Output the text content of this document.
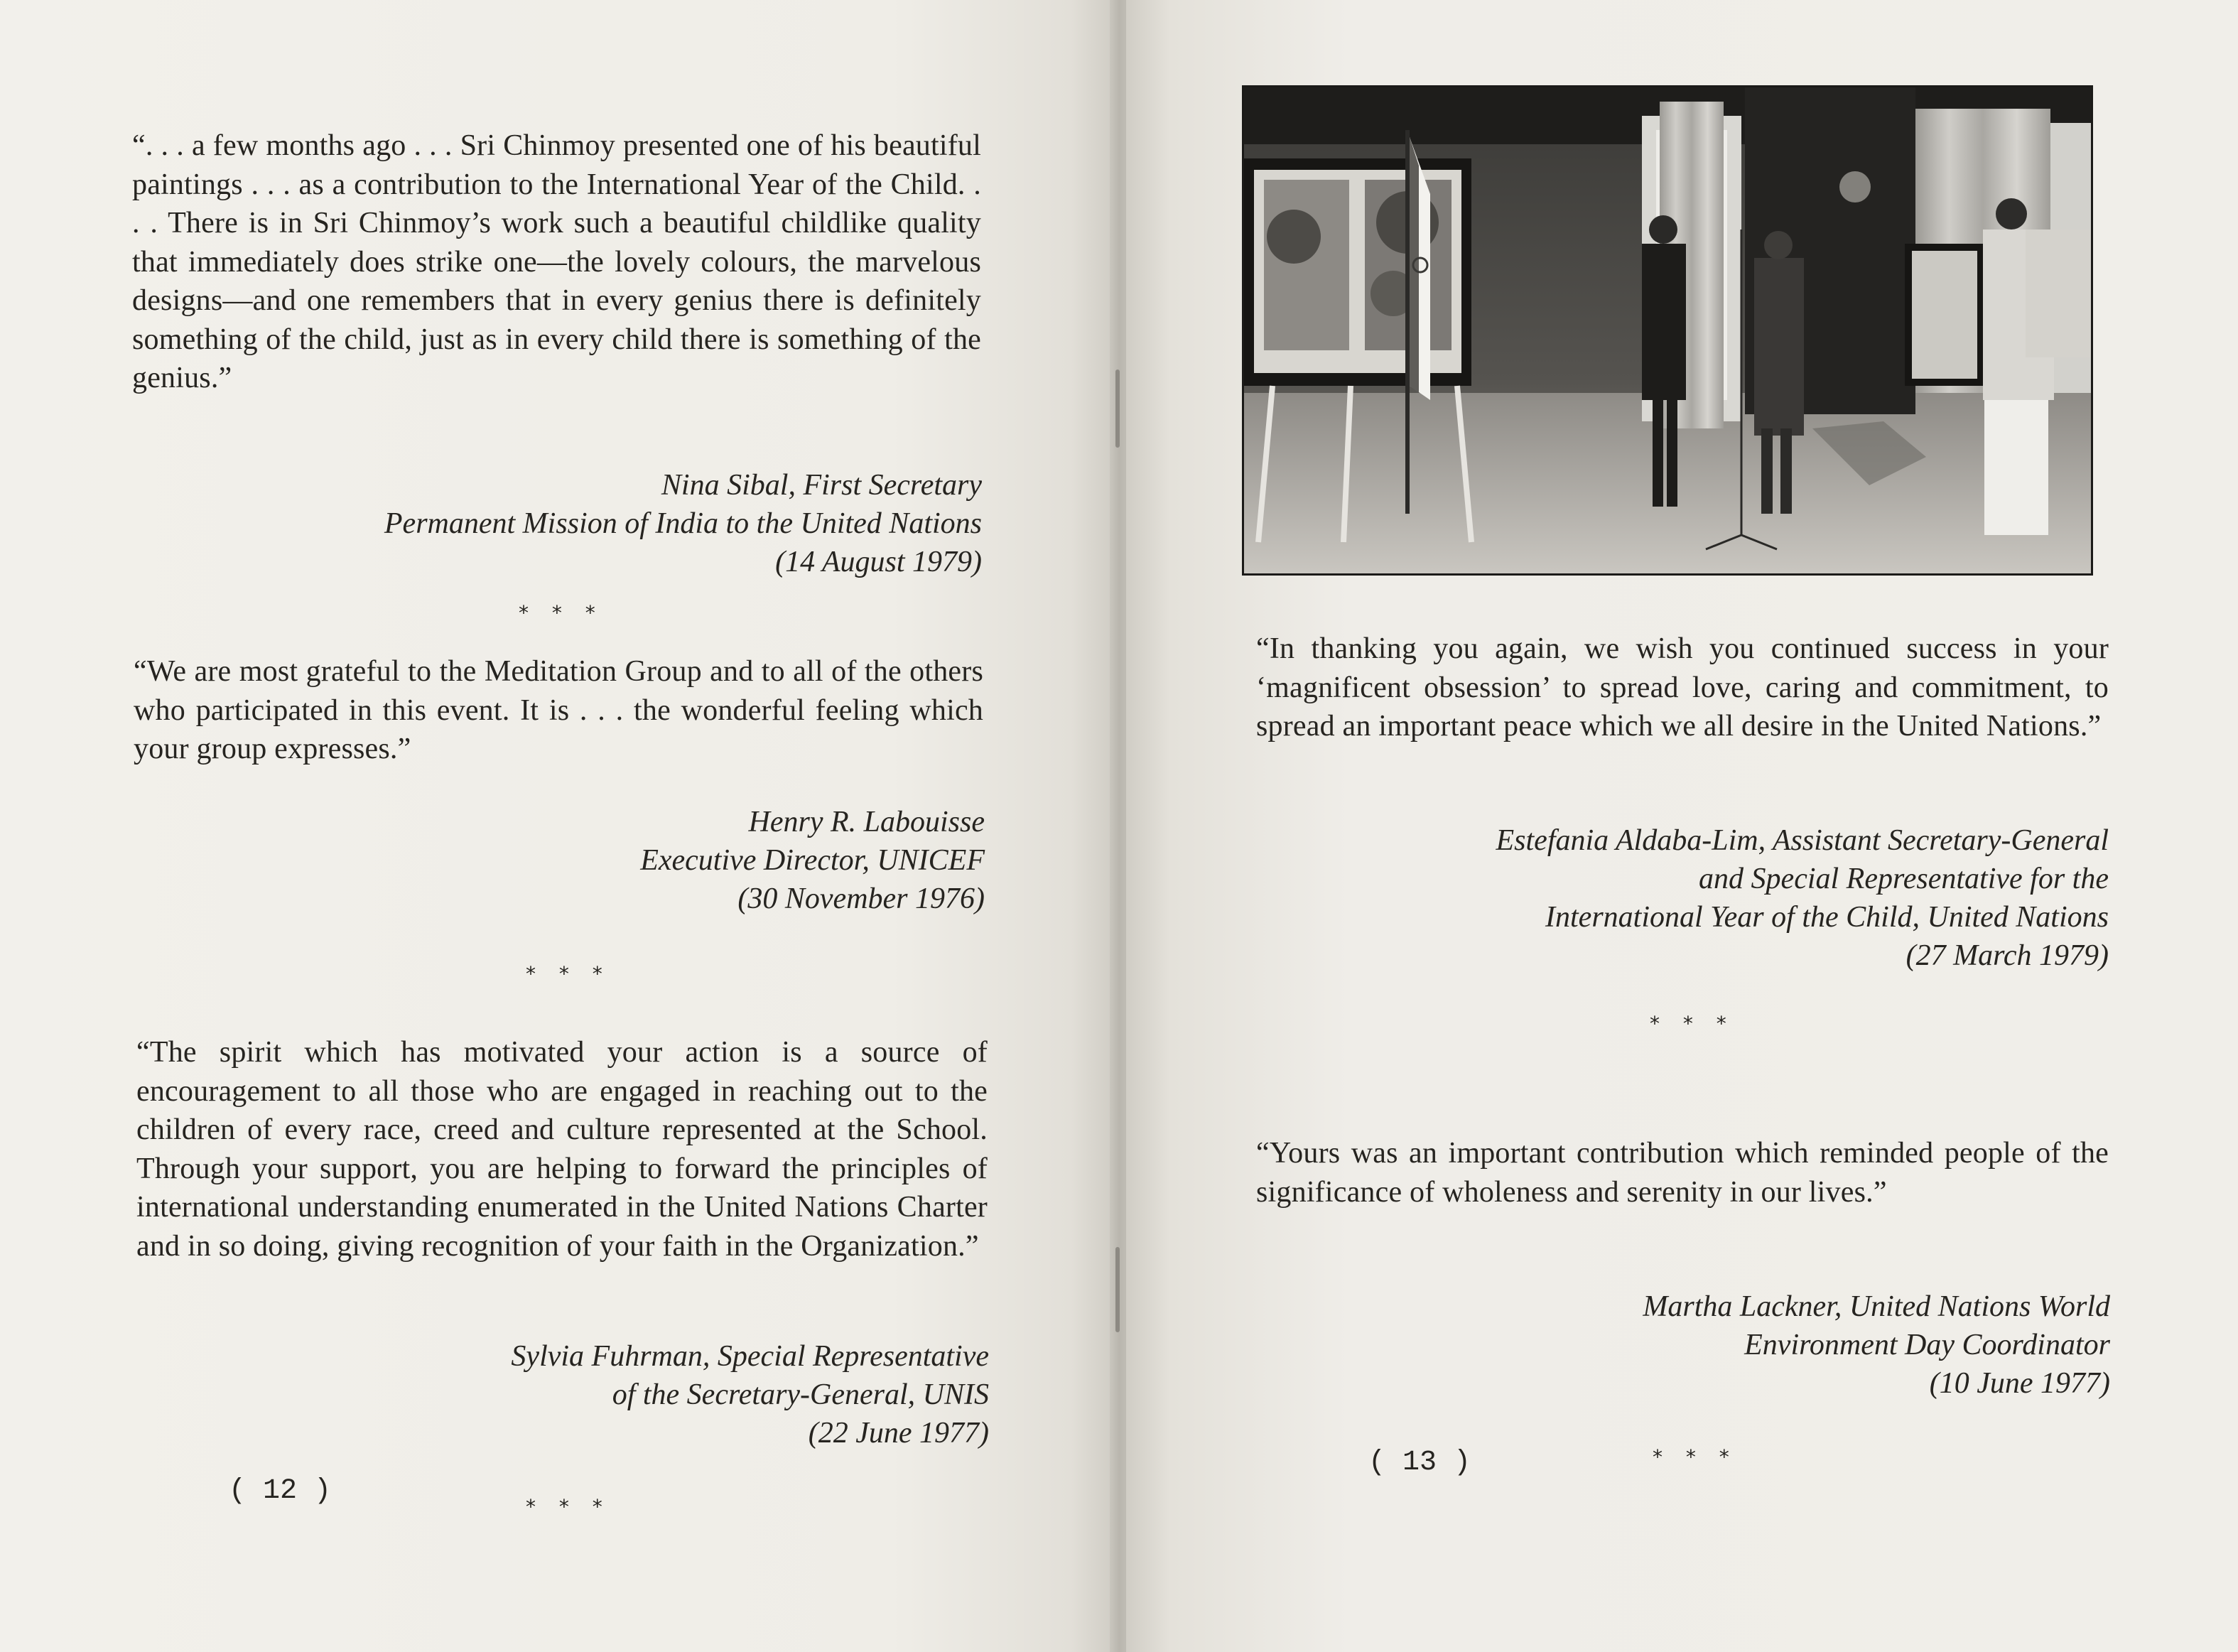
“. . . a few months ago . . . Sri Chinmoy presented one of his beautiful paintings . . . as a contribution to the International Year of the Child. . . . There is in Sri Chinmoy’s work such a beautiful childlike quality that immediately does strike one—the lovely colours, the marvelous designs—and one remembers that in every genius there is definitely something of the child, just as in every child there is something of the genius.”

Nina Sibal, First Secretary
Permanent Mission of India to the United Nations
(14 August 1979)
* * *

“We are most grateful to the Meditation Group and to all of the others who participated in this event. It is . . . the wonderful feeling which your group expresses.”

Henry R. Labouisse
Executive Director, UNICEF
(30 November 1976)
* * *

“The spirit which has motivated your action is a source of encouragement to all those who are engaged in reaching out to the children of every race, creed and culture represented at the School. Through your support, you are helping to forward the principles of international understanding enumerated in the United Nations Charter and in so doing, giving recognition of your faith in the Organization.”

Sylvia Fuhrman, Special Representative
of the Secretary-General, UNIS
(22 June 1977)
( 12 )	* * *

“In thanking you again, we wish you continued success in your ‘magnificent obsession’ to spread love, caring and commitment, to spread an important peace which we all desire in the United Nations.”

Estefania Aldaba-Lim, Assistant Secretary-General
and Special Representative for the
International Year of the Child, United Nations
(27 March 1979)
* * *

“Yours was an important contribution which reminded people of the significance of wholeness and serenity in our lives.”

Martha Lackner, United Nations World
Environment Day Coordinator
(10 June 1977)
( 13 )	* * *
